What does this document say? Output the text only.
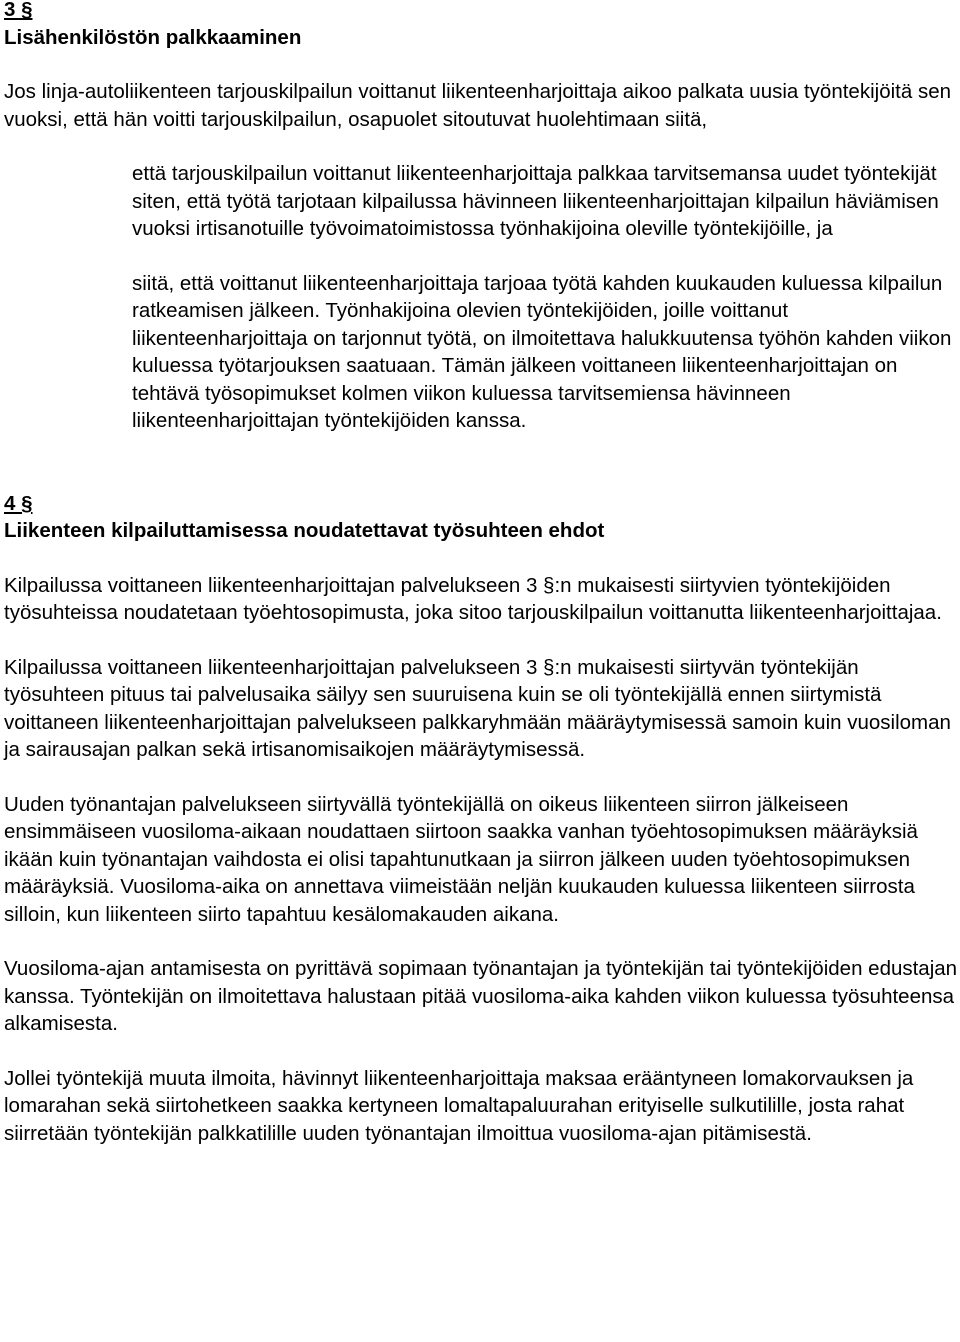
3 §

Lisähenkilöstön palkkaaminen

Jos linja-autoliikenteen tarjouskilpailun voittanut liikenteenharjoittaja aikoo palkata uusia työntekijöitä sen vuoksi, että hän voitti tarjouskilpailun, osapuolet sitoutuvat huolehtimaan siitä,

että tarjouskilpailun voittanut liikenteenharjoittaja palkkaa tarvitsemansa uudet työntekijät siten, että työtä tarjotaan kilpailussa hävinneen liikenteenharjoittajan kilpailun häviämisen vuoksi irtisanotuille työvoimatoimistossa työnhakijoina oleville työntekijöille, ja

siitä, että voittanut liikenteenharjoittaja tarjoaa työtä kahden kuukauden kuluessa kilpailun ratkeamisen jälkeen. Työnhakijoina olevien työntekijöiden, joille voittanut liikenteenharjoittaja on tarjonnut työtä, on ilmoitettava halukkuutensa työhön kahden viikon kuluessa työtarjouksen saatuaan. Tämän jälkeen voittaneen liikenteenharjoittajan on tehtävä työsopimukset kolmen viikon kuluessa tarvitsemiensa hävinneen liikenteenharjoittajan työntekijöiden kanssa.

4 §

Liikenteen kilpailuttamisessa noudatettavat työsuhteen ehdot

Kilpailussa voittaneen liikenteenharjoittajan palvelukseen 3 §:n mukaisesti siirtyvien työntekijöiden työsuhteissa noudatetaan työehtosopimusta, joka sitoo tarjouskilpailun voittanutta liikenteenharjoittajaa.

Kilpailussa voittaneen liikenteenharjoittajan palvelukseen 3 §:n mukaisesti siirtyvän työntekijän työsuhteen pituus tai palvelusaika säilyy sen suuruisena kuin se oli työntekijällä ennen siirtymistä voittaneen liikenteenharjoittajan palvelukseen palkkaryhmään määräytymisessä samoin kuin vuosiloman ja sairausajan palkan sekä irtisanomisaikojen määräytymisessä.

Uuden työnantajan palvelukseen siirtyvällä työntekijällä on oikeus liikenteen siirron jälkeiseen ensimmäiseen vuosiloma-aikaan noudattaen siirtoon saakka vanhan työehtosopimuksen määräyksiä ikään kuin työnantajan vaihdosta ei olisi tapahtunutkaan ja siirron jälkeen uuden työehtosopimuksen määräyksiä. Vuosiloma-aika on annettava viimeistään neljän kuukauden kuluessa liikenteen siirrosta silloin, kun liikenteen siirto tapahtuu kesälomakauden aikana.

Vuosiloma-ajan antamisesta on pyrittävä sopimaan työnantajan ja työntekijän tai työntekijöiden edustajan kanssa. Työntekijän on ilmoitettava halustaan pitää vuosiloma-aika kahden viikon kuluessa työsuhteensa alkamisesta.

Jollei työntekijä muuta ilmoita, hävinnyt liikenteenharjoittaja maksaa erääntyneen lomakorvauksen ja lomarahan sekä siirtohetkeen saakka kertyneen lomaltapaluurahan erityiselle sulkutilille, josta rahat siirretään työntekijän palkkatilille uuden työnantajan ilmoittua vuosiloma-ajan pitämisestä.
